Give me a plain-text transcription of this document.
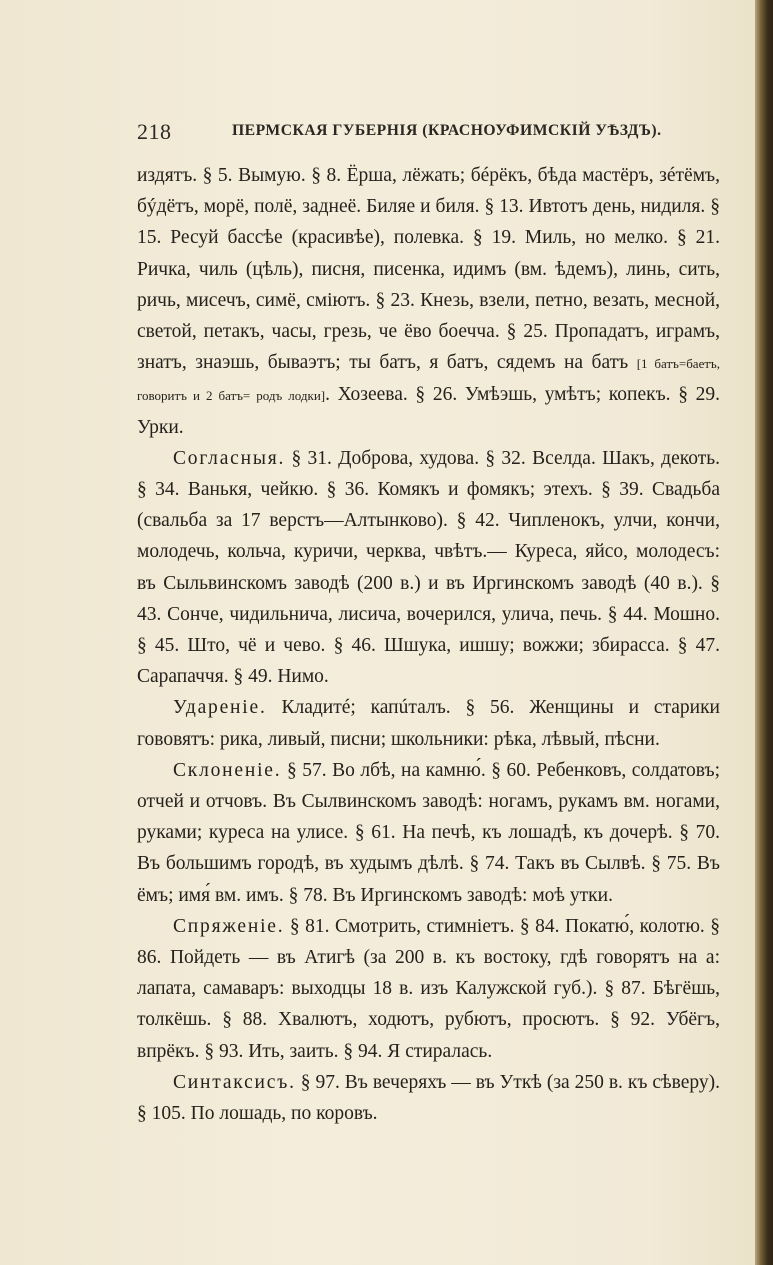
218	ПЕРМСКАЯ ГУБЕРНІЯ (КРАСНОУФИМСКІЙ УѢЗДЪ).

издятъ. § 5. Вымую. § 8. Ёрша, лёжать; бéрёкъ, бѣда мастёръ, зéтёмъ, бýдётъ, морё, полё, заднеё. Биляе и биля. § 13. Ивтотъ день, нидиля. § 15. Ресуй бассѣе (красивѣе), полевка. § 19. Миль, но мелко. § 21. Ричка, чиль (цѣль), писня, писенка, идимъ (вм. ѣдемъ), линь, сить, ричь, мисечъ, симё, сміютъ. § 23. Кнезь, взели, петно, везать, месной, светой, петакъ, часы, грезь, че ёво боечча. § 25. Пропадатъ, играмъ, знатъ, знаэшь, бываэтъ; ты батъ, я батъ, сядемъ на батъ [1 батъ=баетъ, говоритъ и 2 батъ= родъ лодки]. Хозеева. § 26. Умѣэшь, умѣтъ; копекъ. § 29. Урки.

Согласныя. § 31. Доброва, худова. § 32. Вселда. Шакъ, декоть. § 34. Ванькя, чейкю. § 36. Комякъ и фомякъ; этехъ. § 39. Свадьба (свальба за 17 верстъ—Алтынково). § 42. Чипленокъ, улчи, кончи, молодечь, кольча, куричи, черква, чвѣтъ.— Куреса, яйсо, молодесъ: въ Сыльвинскомъ заводѣ (200 в.) и въ Иргинскомъ заводѣ (40 в.). § 43. Сонче, чидильнича, лисича, вочерился, улича, печь. § 44. Мошно. § 45. Што, чё и чево. § 46. Шшука, ишшу; вожжи; збирасса. § 47. Сарапаччя. § 49. Нимо.

Удареніе. Кладитé; капúталъ. § 56. Женщины и старики гововятъ: рика, ливый, писни; школьники: рѣка, лѣвый, пѣсни.

Склоненіе. § 57. Во лбѣ, на камню́. § 60. Ребенковъ, солдатовъ; отчей и отчовъ. Въ Сылвинскомъ заводѣ: ногамъ, рукамъ вм. ногами, руками; куреса на улисе. § 61. На печѣ, къ лошадѣ, къ дочерѣ. § 70. Въ большимъ городѣ, въ худымъ дѣлѣ. § 74. Такъ въ Сылвѣ. § 75. Въ ёмъ; имя́ вм. имъ. § 78. Въ Иргинскомъ заводѣ: моѣ утки.

Спряженіе. § 81. Смотрить, стимніетъ. § 84. Покатю́, колотю. § 86. Пойдеть — въ Атигѣ (за 200 в. къ востоку, гдѣ говорятъ на а: лапата, самаваръ: выходцы 18 в. изъ Калужской губ.). § 87. Бѣгёшь, толкёшь. § 88. Хвалютъ, ходютъ, рубютъ, просютъ. § 92. Убёгъ, впрёкъ. § 93. Ить, заить. § 94. Я стиралась.

Синтаксисъ. § 97. Въ вечеряхъ — въ Уткѣ (за 250 в. къ сѣверу). § 105. По лошадь, по коровъ.
